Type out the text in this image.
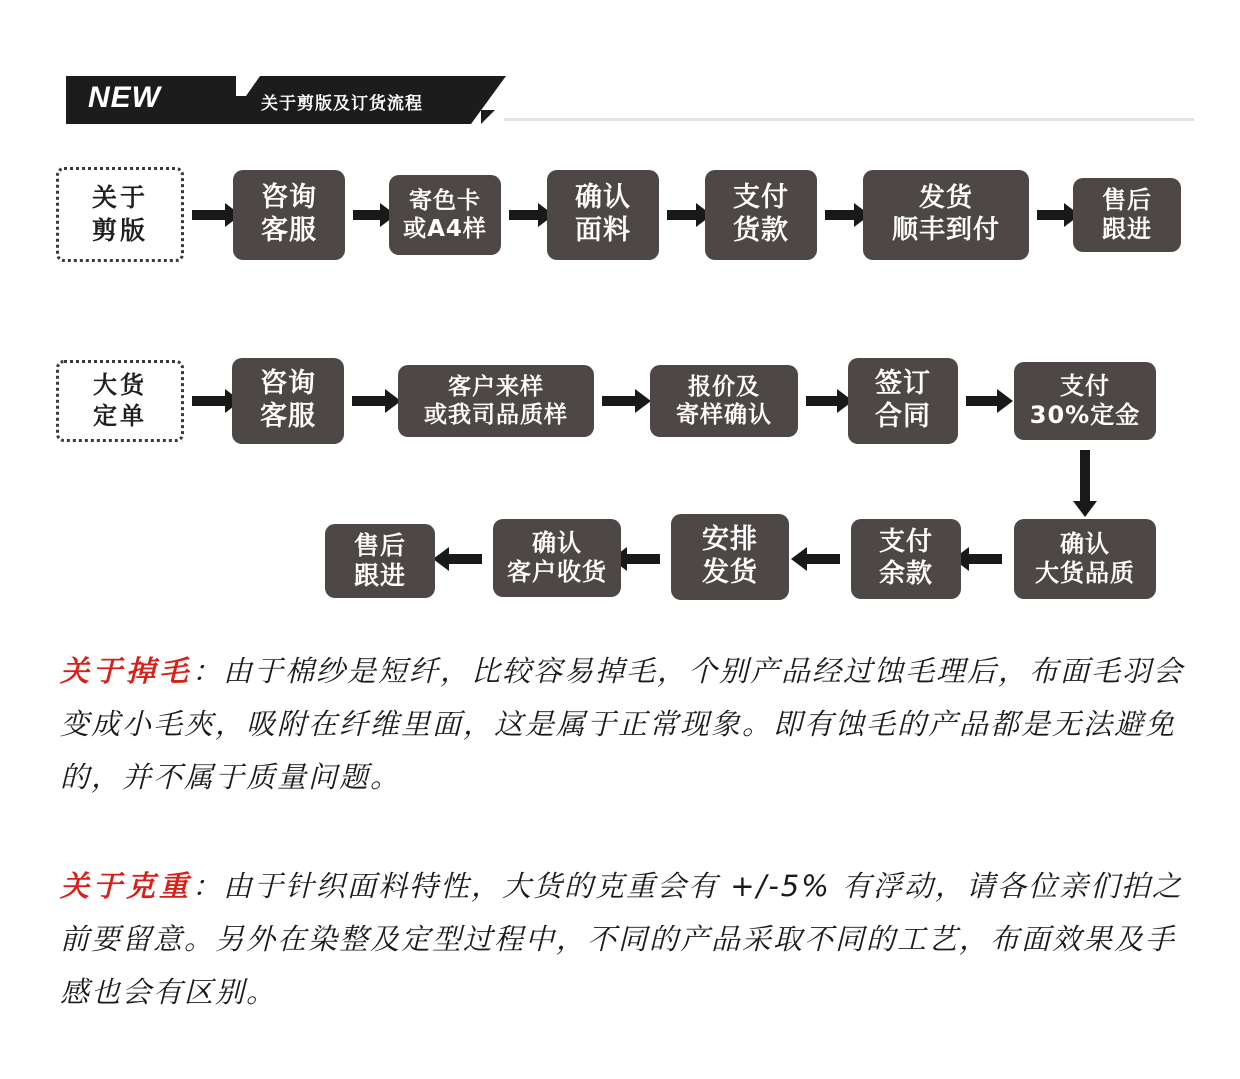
NEW	关于剪版及订货流程
关于
剪版
咨询
客服
寄色卡
或A4样
确认
面料
支付
货款
发货
顺丰到付
售后
跟进
大货
定单
咨询
客服
客户来样
或我司品质样
报价及
寄样确认
签订
合同
支付
30%定金
确认
大货品质
支付
余款
安排
发货
确认
客户收货
售后
跟进
关于掉毛：由于棉纱是短纤，比较容易掉毛，个别产品经过蚀毛理后，布面毛羽会变成小毛夾，吸附在纤维里面，这是属于正常现象。即有蚀毛的产品都是无法避免的，并不属于质量问题。
关于克重：由于针织面料特性，大货的克重会有 +/-5% 有浮动，请各位亲们拍之前要留意。另外在染整及定型过程中，不同的产品采取不同的工艺，布面效果及手感也会有区别。
